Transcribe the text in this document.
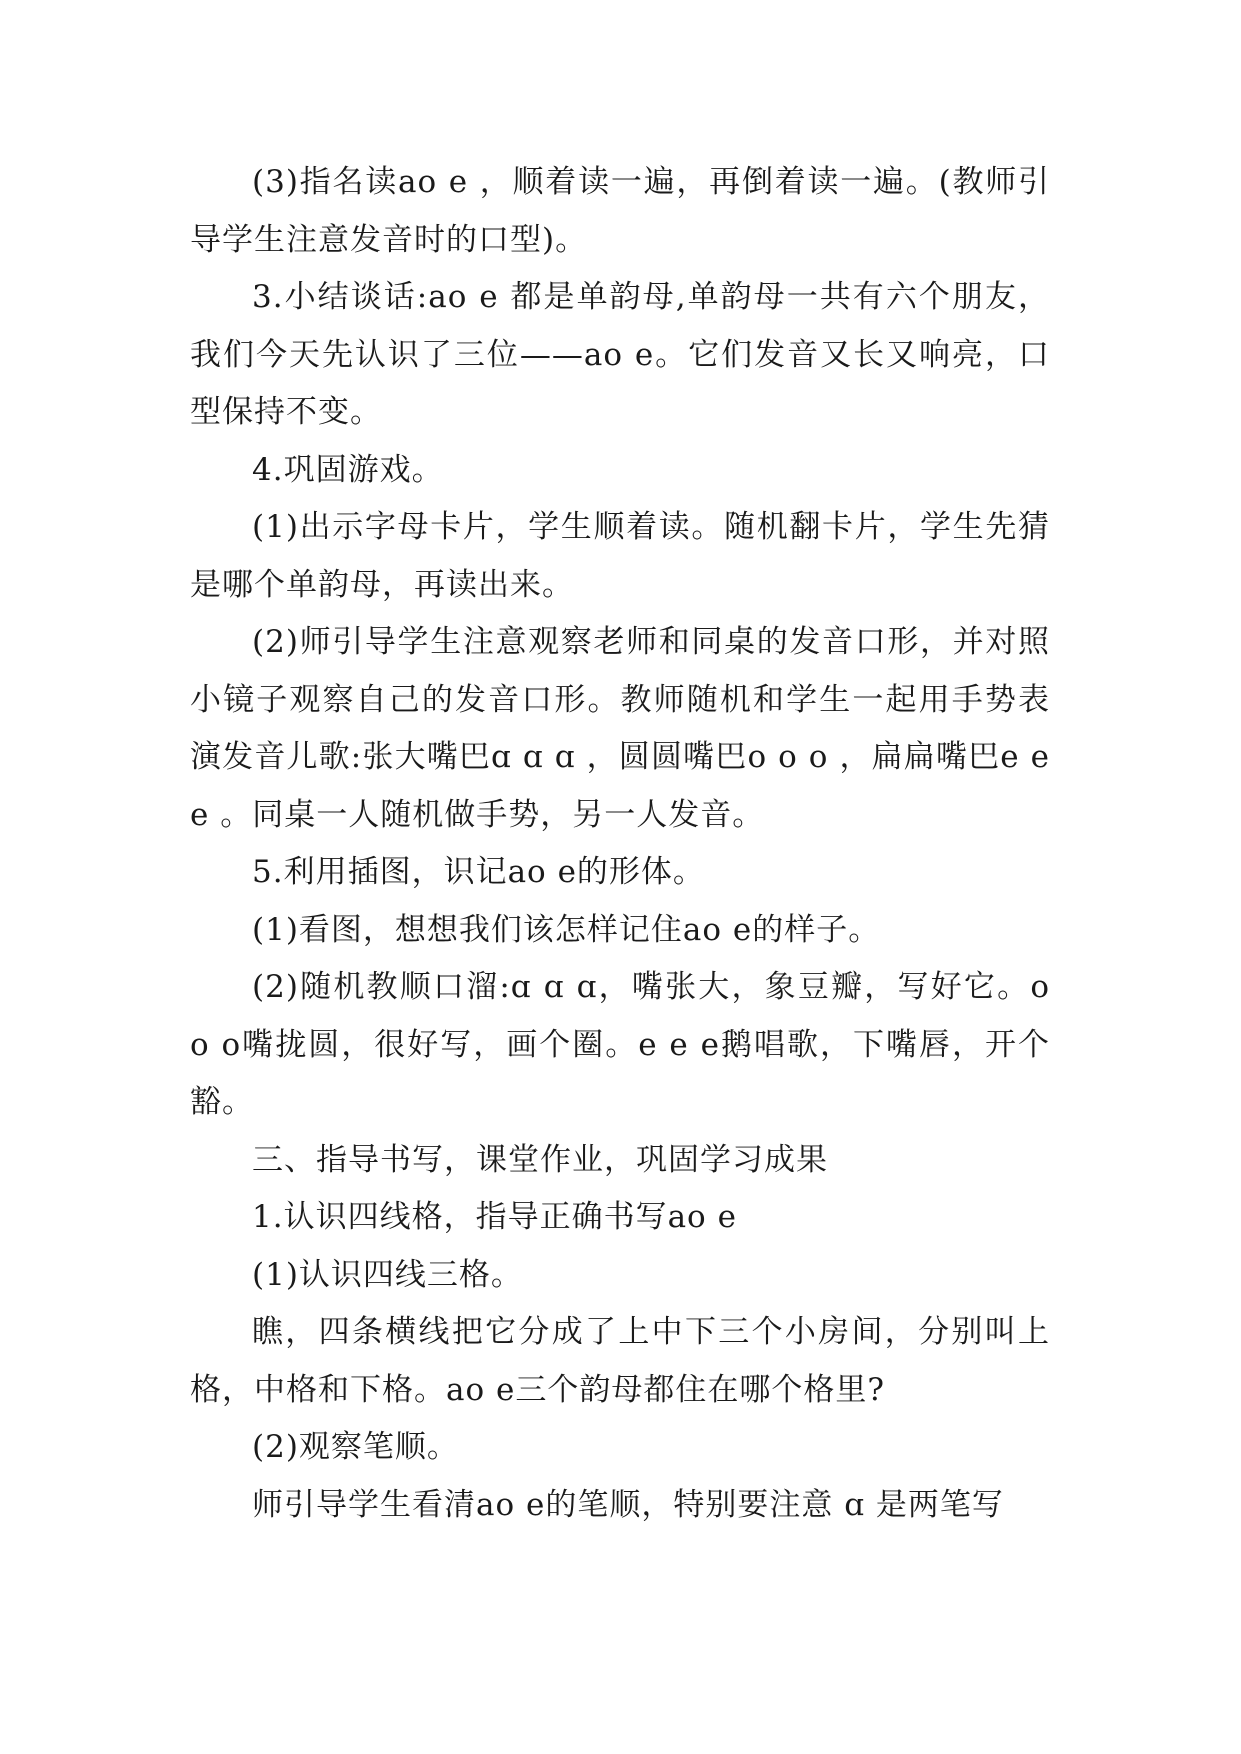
(3)指名读ao e ，顺着读一遍，再倒着读一遍。(教师引导学生注意发音时的口型)。

3.小结谈话:ao e 都是单韵母,单韵母一共有六个朋友，我们今天先认识了三位——ao e。它们发音又长又响亮，口型保持不变。

4.巩固游戏。

(1)出示字母卡片，学生顺着读。随机翻卡片，学生先猜是哪个单韵母，再读出来。

(2)师引导学生注意观察老师和同桌的发音口形，并对照小镜子观察自己的发音口形。教师随机和学生一起用手势表演发音儿歌:张大嘴巴ɑ ɑ ɑ ，圆圆嘴巴o o o ，扁扁嘴巴e e e 。同桌一人随机做手势，另一人发音。

5.利用插图，识记ao e的形体。

(1)看图，想想我们该怎样记住ao e的样子。

(2)随机教顺口溜:ɑ ɑ ɑ，嘴张大，象豆瓣，写好它。o o o嘴拢圆，很好写，画个圈。e e e鹅唱歌，下嘴唇，开个豁。

三、指导书写，课堂作业，巩固学习成果

1.认识四线格，指导正确书写ao e

(1)认识四线三格。

瞧，四条横线把它分成了上中下三个小房间，分别叫上格，中格和下格。ao e三个韵母都住在哪个格里?

(2)观察笔顺。

师引导学生看清ao e的笔顺，特别要注意 ɑ 是两笔写
